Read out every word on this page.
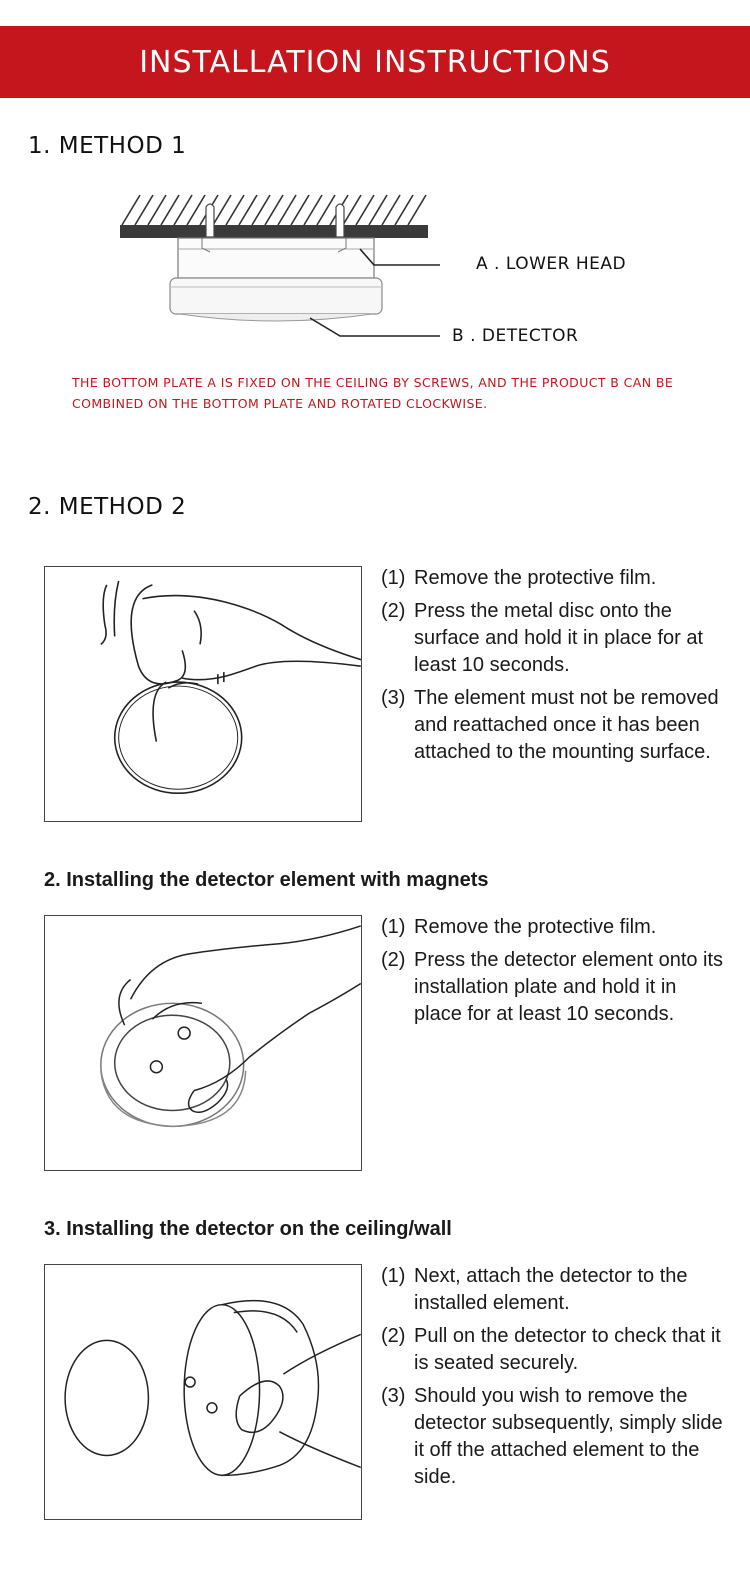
INSTALLATION INSTRUCTIONS
1. METHOD 1
A . LOWER HEAD
B . DETECTOR
THE BOTTOM PLATE A IS FIXED ON THE CEILING BY SCREWS, AND THE PRODUCT B CAN BE
COMBINED ON THE BOTTOM PLATE AND ROTATED CLOCKWISE.
2. METHOD 2
(1) Remove the protective film.
(2) Press the metal disc onto the surface and hold it in place for at least 10 seconds.
(3) The element must not be removed and reattached once it has been attached to the mounting surface.
2. Installing the detector element with magnets
(1) Remove the protective film.
(2) Press the detector element onto its installation plate and hold it in place for at least 10 seconds.
3. Installing the detector on the ceiling/wall
(1) Next, attach the detector to the installed element.
(2) Pull on the detector to check that it is seated securely.
(3) Should you wish to remove the detector subsequently, simply slide it off the attached element to the side.
